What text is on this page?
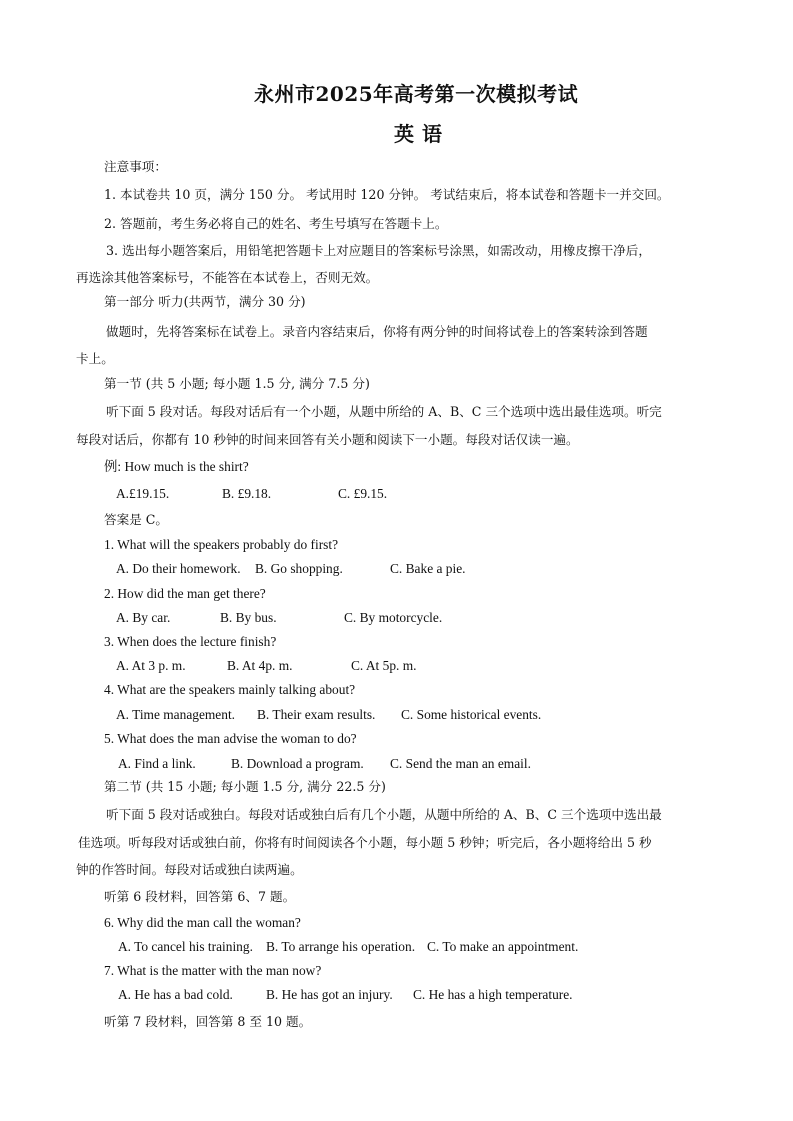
永州市2025年高考第一次模拟考试
英 语
注意事项：
1. 本试卷共 10 页，满分 150 分。 考试用时 120 分钟。 考试结束后，将本试卷和答题卡一并交回。
2. 答题前，考生务必将自己的姓名、考生号填写在答题卡上。
3. 选出每小题答案后，用铅笔把答题卡上对应题目的答案标号涂黑，如需改动，用橡皮擦干净后，
再选涂其他答案标号，不能答在本试卷上，否则无效。
第一部分 听力(共两节，满分 30 分)
做题时，先将答案标在试卷上。录音内容结束后，你将有两分钟的时间将试卷上的答案转涂到答题
卡上。
第一节 (共 5 小题; 每小题 1.5 分, 满分 7.5 分)
听下面 5 段对话。每段对话后有一个小题，从题中所给的 A、B、C 三个选项中选出最佳选项。听完
每段对话后，你都有 10 秒钟的时间来回答有关小题和阅读下一小题。每段对话仅读一遍。
例: How much is the shirt?
A.£19.15.	B. £9.18.	C. £9.15.
答案是 C。
1. What will the speakers probably do first?
A. Do their homework. B. Go shopping.	C. Bake a pie.
2. How did the man get there?
A. By car.	B. By bus.	C. By motorcycle.
3. When does the lecture finish?
A. At 3 p. m.	B. At 4p. m.	C. At 5p. m.
4. What are the speakers mainly talking about?
A. Time management. B. Their exam results. C. Some historical events.
5. What does the man advise the woman to do?
A. Find a link.	B. Download a program. C. Send the man an email.
第二节 (共 15 小题; 每小题 1.5 分, 满分 22.5 分)
听下面 5 段对话或独白。每段对话或独白后有几个小题，从题中所给的 A、B、C 三个选项中选出最
佳选项。听每段对话或独白前，你将有时间阅读各个小题，每小题 5 秒钟；听完后，各小题将给出 5 秒
钟的作答时间。每段对话或独白读两遍。
听第 6 段材料，回答第 6、7 题。
6. Why did the man call the woman?
A. To cancel his training. B. To arrange his operation. C. To make an appointment.
7. What is the matter with the man now?
A. He has a bad cold. B. He has got an injury. C. He has a high temperature.
听第 7 段材料，回答第 8 至 10 题。
